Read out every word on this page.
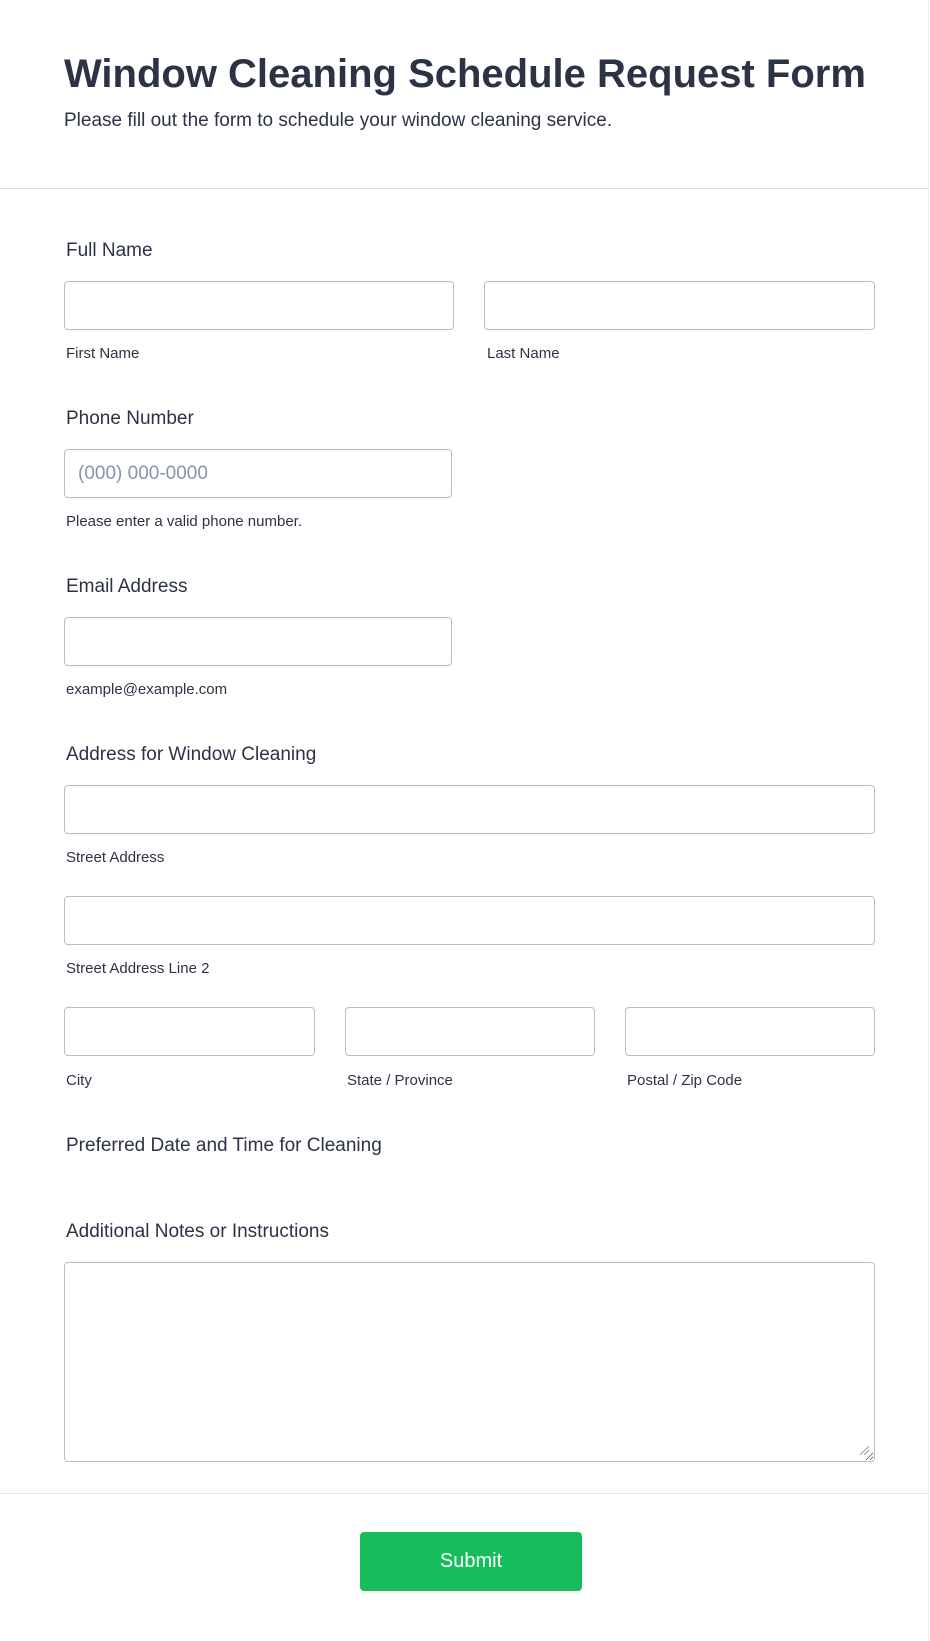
Window Cleaning Schedule Request Form

Please fill out the form to schedule your window cleaning service.

Full Name
First Name	Last Name
Phone Number
(000) 000-0000
Please enter a valid phone number.
Email Address
example@example.com
Address for Window Cleaning
Street Address
Street Address Line 2
City	State / Province	Postal / Zip Code
Preferred Date and Time for Cleaning
Additional Notes or Instructions
Submit
